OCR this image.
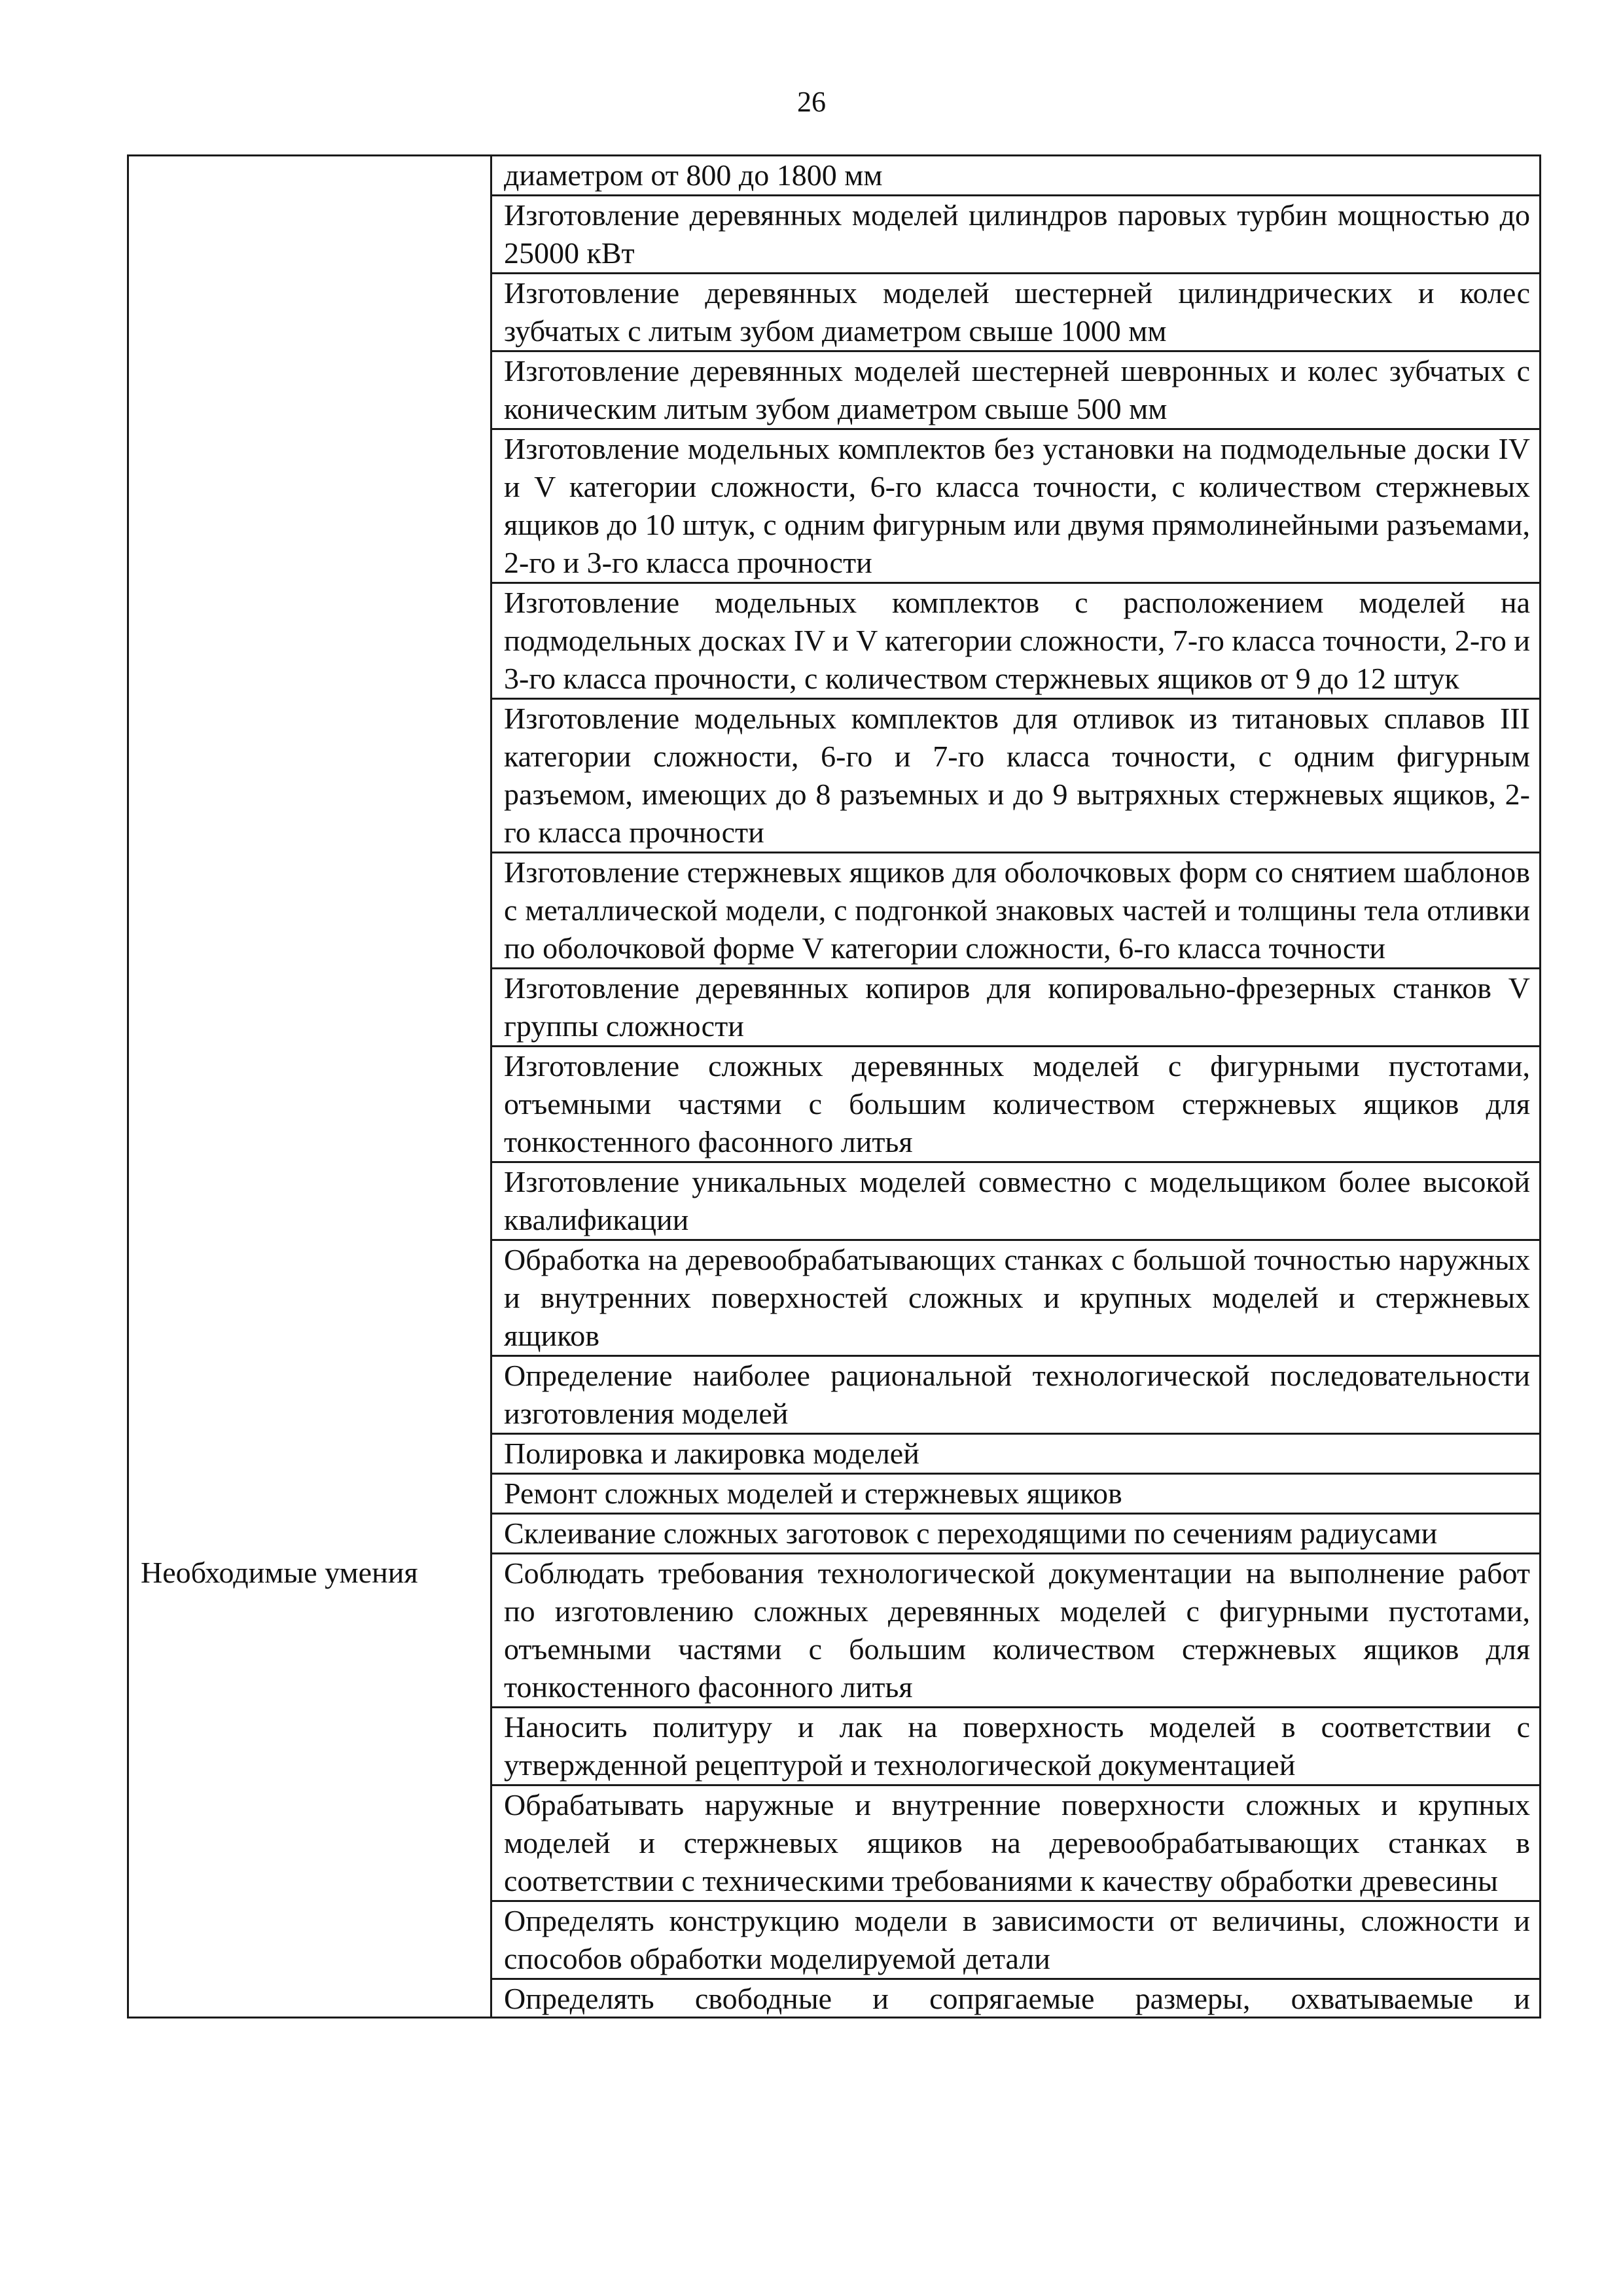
26
	диаметром от 800 до 1800 мм
	Изготовление деревянных моделей цилиндров паровых турбин мощностью до 25000 кВт
	Изготовление деревянных моделей шестерней цилиндрических и колес зубчатых с литым зубом диаметром свыше 1000 мм
	Изготовление деревянных моделей шестерней шевронных и колес зубчатых с коническим литым зубом диаметром свыше 500 мм
	Изготовление модельных комплектов без установки на подмодельные доски IV и V категории сложности, 6-го класса точности, с количеством стержневых ящиков до 10 штук, с одним фигурным или двумя прямолинейными разъемами, 2-го и 3-го класса прочности
	Изготовление модельных комплектов с расположением моделей на подмодельных досках IV и V категории сложности, 7-го класса точности, 2-го и 3-го класса прочности, с количеством стержневых ящиков от 9 до 12 штук
	Изготовление модельных комплектов для отливок из титановых сплавов III категории сложности, 6-го и 7-го класса точности, с одним фигурным разъемом, имеющих до 8 разъемных и до 9 вытряхных стержневых ящиков, 2-го класса прочности
	Изготовление стержневых ящиков для оболочковых форм со снятием шаблонов с металлической модели, с подгонкой знаковых частей и толщины тела отливки по оболочковой форме V категории сложности, 6-го класса точности
	Изготовление деревянных копиров для копировально-фрезерных станков V группы сложности
	Изготовление сложных деревянных моделей с фигурными пустотами, отъемными частями с большим количеством стержневых ящиков для тонкостенного фасонного литья
	Изготовление уникальных моделей совместно с модельщиком более высокой квалификации
	Обработка на деревообрабатывающих станках с большой точностью наружных и внутренних поверхностей сложных и крупных моделей и стержневых ящиков
	Определение наиболее рациональной технологической последовательности изготовления моделей
	Полировка и лакировка моделей
	Ремонт сложных моделей и стержневых ящиков
	Склеивание сложных заготовок с переходящими по сечениям радиусами
Необходимые умения	Соблюдать требования технологической документации на выполнение работ по изготовлению сложных деревянных моделей с фигурными пустотами, отъемными частями с большим количеством стержневых ящиков для тонкостенного фасонного литья
	Наносить политуру и лак на поверхность моделей в соответствии с утвержденной рецептурой и технологической документацией
	Обрабатывать наружные и внутренние поверхности сложных и крупных моделей и стержневых ящиков на деревообрабатывающих станках в соответствии с техническими требованиями к качеству обработки древесины
	Определять конструкцию модели в зависимости от величины, сложности и способов обработки моделируемой детали

	Определять свободные и сопрягаемые размеры, охватываемые и
